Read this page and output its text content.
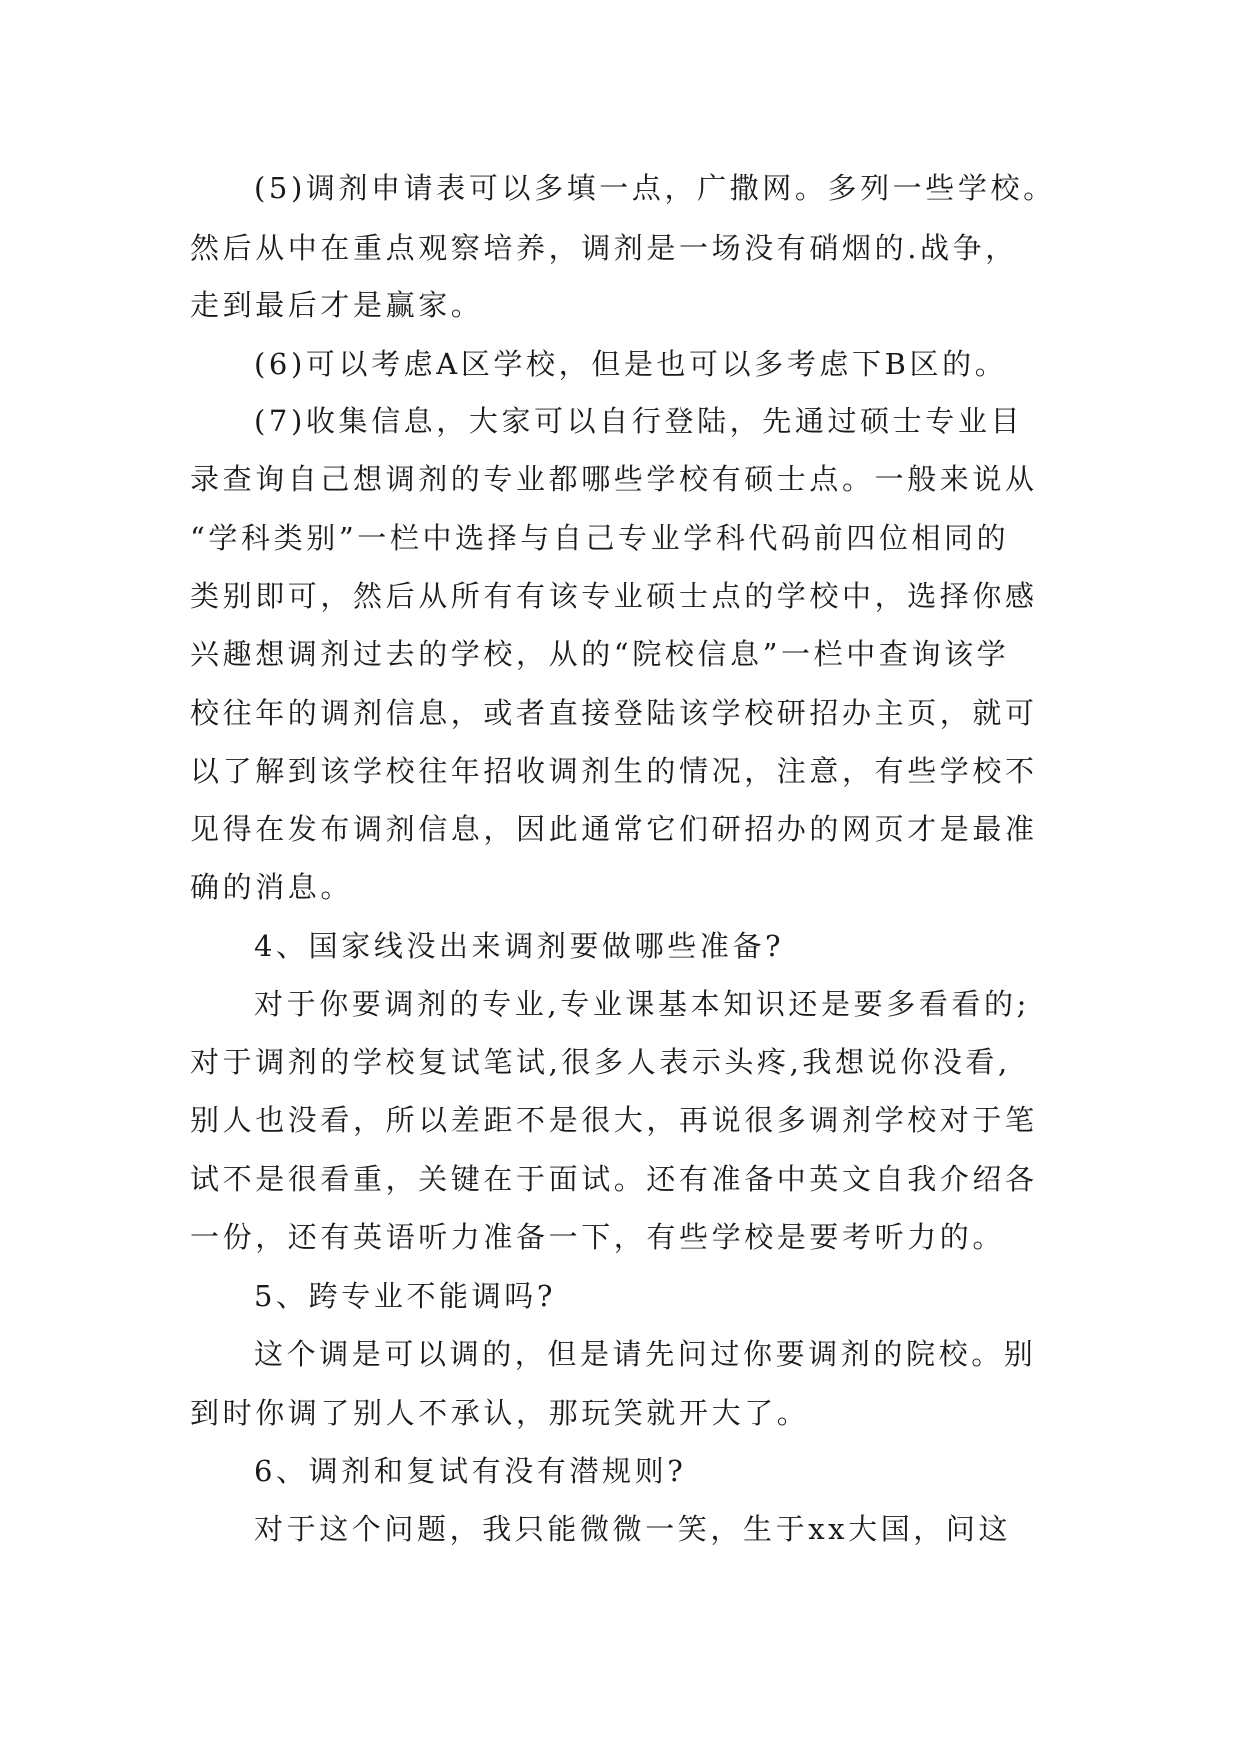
(5)调剂申请表可以多填一点，广撒网。多列一些学校。

然后从中在重点观察培养，调剂是一场没有硝烟的.战争，

走到最后才是赢家。

(6)可以考虑A区学校，但是也可以多考虑下B区的。

(7)收集信息，大家可以自行登陆，先通过硕士专业目

录查询自己想调剂的专业都哪些学校有硕士点。一般来说从

“学科类别”一栏中选择与自己专业学科代码前四位相同的

类别即可，然后从所有有该专业硕士点的学校中，选择你感

兴趣想调剂过去的学校，从的“院校信息”一栏中查询该学

校往年的调剂信息，或者直接登陆该学校研招办主页，就可

以了解到该学校往年招收调剂生的情况，注意，有些学校不

见得在发布调剂信息，因此通常它们研招办的网页才是最准

确的消息。

4、国家线没出来调剂要做哪些准备?

对于你要调剂的专业,专业课基本知识还是要多看看的;

对于调剂的学校复试笔试,很多人表示头疼,我想说你没看,

别人也没看，所以差距不是很大，再说很多调剂学校对于笔

试不是很看重，关键在于面试。还有准备中英文自我介绍各

一份，还有英语听力准备一下，有些学校是要考听力的。

5、跨专业不能调吗?

这个调是可以调的，但是请先问过你要调剂的院校。别

到时你调了别人不承认，那玩笑就开大了。

6、调剂和复试有没有潜规则?

对于这个问题，我只能微微一笑，生于xx大国，问这
